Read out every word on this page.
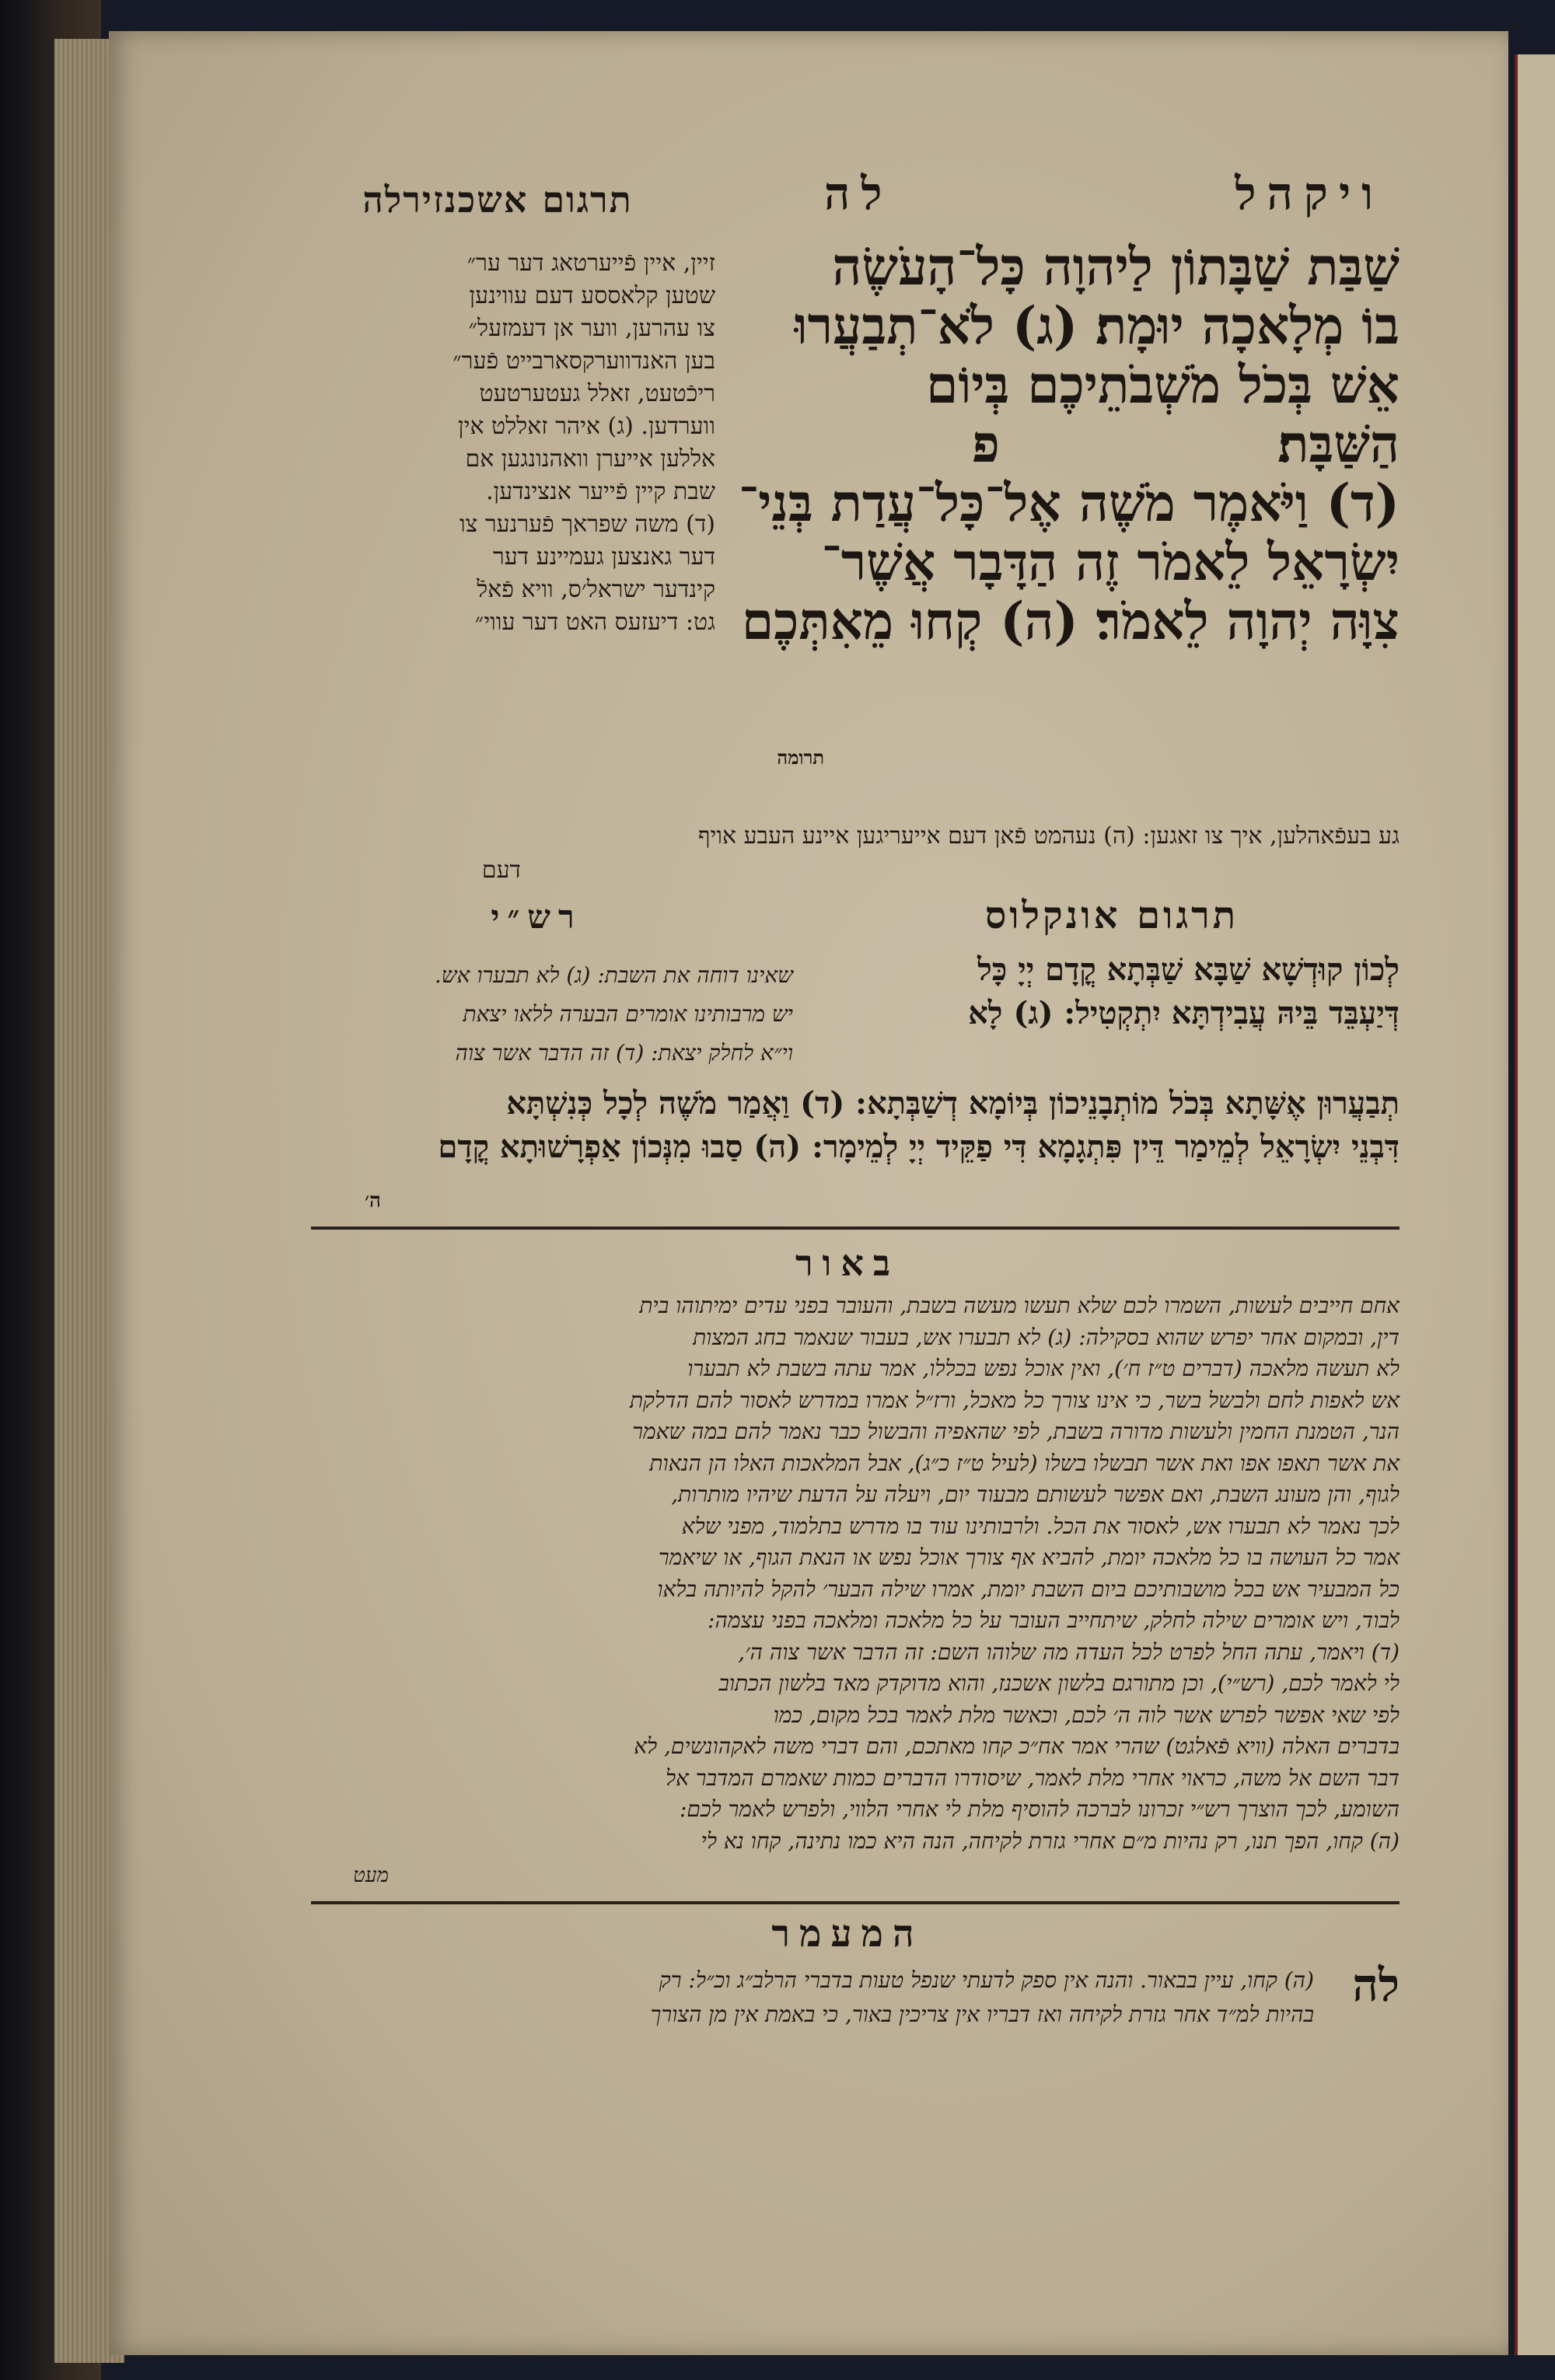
ויקהל
לה
תרגום אשכנזירלה
שַׁבַּת שַׁבָּתוֹן לַיהוָה כָּל־הָעֹשֶׂה
בוֹ מְלָאכָה יוּמָת׃ (ג) לֹא־תְבַעֲרוּ
אֵשׁ בְּכֹל מֹשְׁבֹתֵיכֶם בְּיוֹם
הַשַּׁבָּת׃
פ
(ד) וַיֹּאמֶר מֹשֶׁה אֶל־כָּל־עֲדַת בְּנֵי־
יִשְׂרָאֵל לֵאמֹר זֶה הַדָּבָר אֲשֶׁר־
צִוָּה יְהוָה לֵאמֹר׃ (ה) קְחוּ מֵאִתְּכֶם
תרומה
זיין, איין פֿייערטאג דער ער״
שטען קלאססע דעם עווינען
צו עהרען, ווער אן דעמזעל״
בען האנדווערקסארבייט פֿער״
ריכֿטעט, זאלל געטערטעט
ווערדען. (ג) איהר זאללט אין
אללען אייערן וואהנונגען אם
שבת קיין פֿייער אנצינדען.
(ד) משה שפראך פֿערנער צו
דער גאנצען געמיינע דער
קינדער ישראל׳ס, וויא פֿאלֿ
גט: דיעזעס האט דער עווי״
גע בעפֿאהלען, איך צו זאגען: (ה) נעהמט פֿאן דעם אייעריגען איינע העבע אויף
דעם
תרגום אונקלוס
רש״י
לְכוֹן קוּדְשָׁא שַׁבָּא שַׁבְּתָא קֳדָם יְיָ כָּל
דְּיַעְבֵּד בֵּיהּ עֲבִידְתָּא יִתְקְטִיל: (ג) לָא
שאינו דוחה את השבת: (ג) לא תבערו אש.
יש מרבותינו אומרים הבערה ללאו יצאת
וי״א לחלק יצאת: (ד) זה הדבר אשר צוה
תְבַעֲרוּן אֶשָּׁתָא בְּכֹל מוֹתְבָנֵיכוֹן בְּיוֹמָא דְשַׁבְּתָא: (ד) וַאֲמַר מֹשֶׁה לְכָל כְּנִשְׁתָּא
דִּבְנֵי יִשְׂרָאֵל לְמֵימַר דֵּין פִּתְגָמָא דִּי פַקֵּיד יְיָ לְמֵימָר: (ה) סַבוּ מִנְּכוֹן אַפְרָשׁוּתָא קֳדָם
ה׳
באור
אחם חייבים לעשות, השמרו לכם שלא תעשו מעשה בשבת, והעובר בפני עדים ימיתוהו בית
דין, ובמקום אחר יפרש שהוא בסקילה: (ג) לא תבערו אש, בעבור שנאמר בחג המצות
לא תעשה מלאכה (דברים ט״ז ח׳), ואין אוכל נפש בכללו, אמר עתה בשבת לא תבערו
אש לאפות לחם ולבשל בשר, כי אינו צורך כל מאכל, ורז״ל אמרו במדרש לאסור להם הדלקת
הנר, הטמנת החמין ולעשות מדורה בשבת, לפי שהאפיה והבשול כבר נאמר להם במה שאמר
את אשר תאפו אפו ואת אשר תבשלו בשלו (לעיל ט״ז כ״ג), אבל המלאכות האלו הן הנאות
לגוף, והן מעונג השבת, ואם אפשר לעשותם מבעוד יום, ויעלה על הדעת שיהיו מותרות,
לכך נאמר לא תבערו אש, לאסור את הכל. ולרבותינו עוד בו מדרש בתלמוד, מפני שלא
אמר כל העושה בו כל מלאכה יומת, להביא אף צורך אוכל נפש או הנאת הגוף, או שיאמר
כל המבעיר אש בכל מושבותיכם ביום השבת יומת, אמרו שילה הבער׳ להקל להיותה בלאו
לבוד, ויש אומרים שילה לחלק, שיתחייב העובר על כל מלאכה ומלאכה בפני עצמה:
(ד) ויאמר, עתה החל לפרט לכל העדה מה שלוהו השם: זה הדבר אשר צוה ה׳,
לי לאמר לכם, (רש״י), וכן מתורגם בלשון אשכנז, והוא מדוקדק מאד בלשון הכתוב
לפי שאי אפשר לפרש אשר לוה ה׳ לכם, וכאשר מלת לאמר בכל מקום, כמו
בדברים האלה (וויא פֿאלגט) שהרי אמר אח״כ קחו מאתכם, והם דברי משה לאקהונשים, לא
דבר השם אל משה, כראוי אחרי מלת לאמר, שיסודרו הדברים כמות שאמרם המדבר אל
השומע, לכך הוצרך רש״י זכרונו לברכה להוסיף מלת לי אחרי הלווי, ולפרש לאמר לכם:
(ה) קחו, הפך תנו, רק נהיות מ״ם אחרי גזרת לקיחה, הנה היא כמו נתינה, קחו נא לי
מעט
המעמר
לה
(ה) קחו, עיין בבאור. והנה אין ספק לדעתי שנפל טעות בדברי הרלב״ג וכ״ל: רק
בהיות למ״ד אחר גזרת לקיחה ואז דבריו אין צריכין באור, כי באמת אין מן הצורך
